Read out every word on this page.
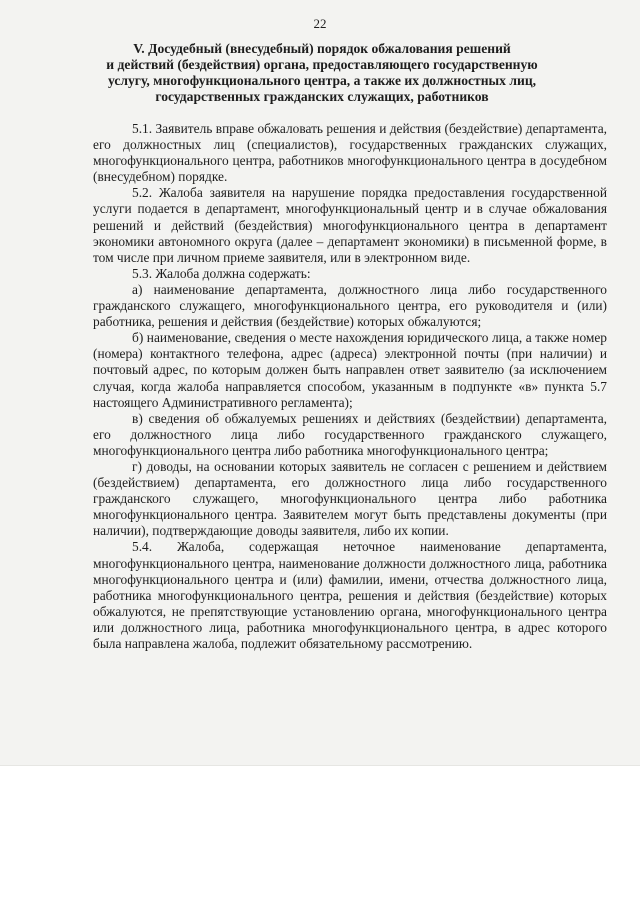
22
V. Досудебный (внесудебный) порядок обжалования решений
и действий (бездействия) органа, предоставляющего государственную
услугу, многофункционального центра, а также их должностных лиц,
государственных гражданских служащих, работников

5.1. Заявитель вправе обжаловать решения и действия (бездействие) департамента, его должностных лиц (специалистов), государственных гражданских служащих, многофункционального центра, работников многофункционального центра в досудебном (внесудебном) порядке.

5.2. Жалоба заявителя на нарушение порядка предоставления государственной услуги подается в департамент, многофункциональный центр и в случае обжалования решений и действий (бездействия) многофункционального центра в департамент экономики автономного округа (далее – департамент экономики) в письменной форме, в том числе при личном приеме заявителя, или в электронном виде.

5.3. Жалоба должна содержать:

а) наименование департамента, должностного лица либо государственного гражданского служащего, многофункционального центра, его руководителя и (или) работника, решения и действия (бездействие) которых обжалуются;

б) наименование, сведения о месте нахождения юридического лица, а также номер (номера) контактного телефона, адрес (адреса) электронной почты (при наличии) и почтовый адрес, по которым должен быть направлен ответ заявителю (за исключением случая, когда жалоба направляется способом, указанным в подпункте «в» пункта 5.7 настоящего Административного регламента);

в) сведения об обжалуемых решениях и действиях (бездействии) департамента, его должностного лица либо государственного гражданского служащего, многофункционального центра либо работника многофункционального центра;

г) доводы, на основании которых заявитель не согласен с решением и действием (бездействием) департамента, его должностного лица либо государственного гражданского служащего, многофункционального центра либо работника многофункционального центра. Заявителем могут быть представлены документы (при наличии), подтверждающие доводы заявителя, либо их копии.

5.4. Жалоба, содержащая неточное наименование департамента, многофункционального центра, наименование должности должностного лица, работника многофункционального центра и (или) фамилии, имени, отчества должностного лица, работника многофункционального центра, решения и действия (бездействие) которых обжалуются, не препятствующие установлению органа, многофункционального центра или должностного лица, работника многофункционального центра, в адрес которого была направлена жалоба, подлежит обязательному рассмотрению.
